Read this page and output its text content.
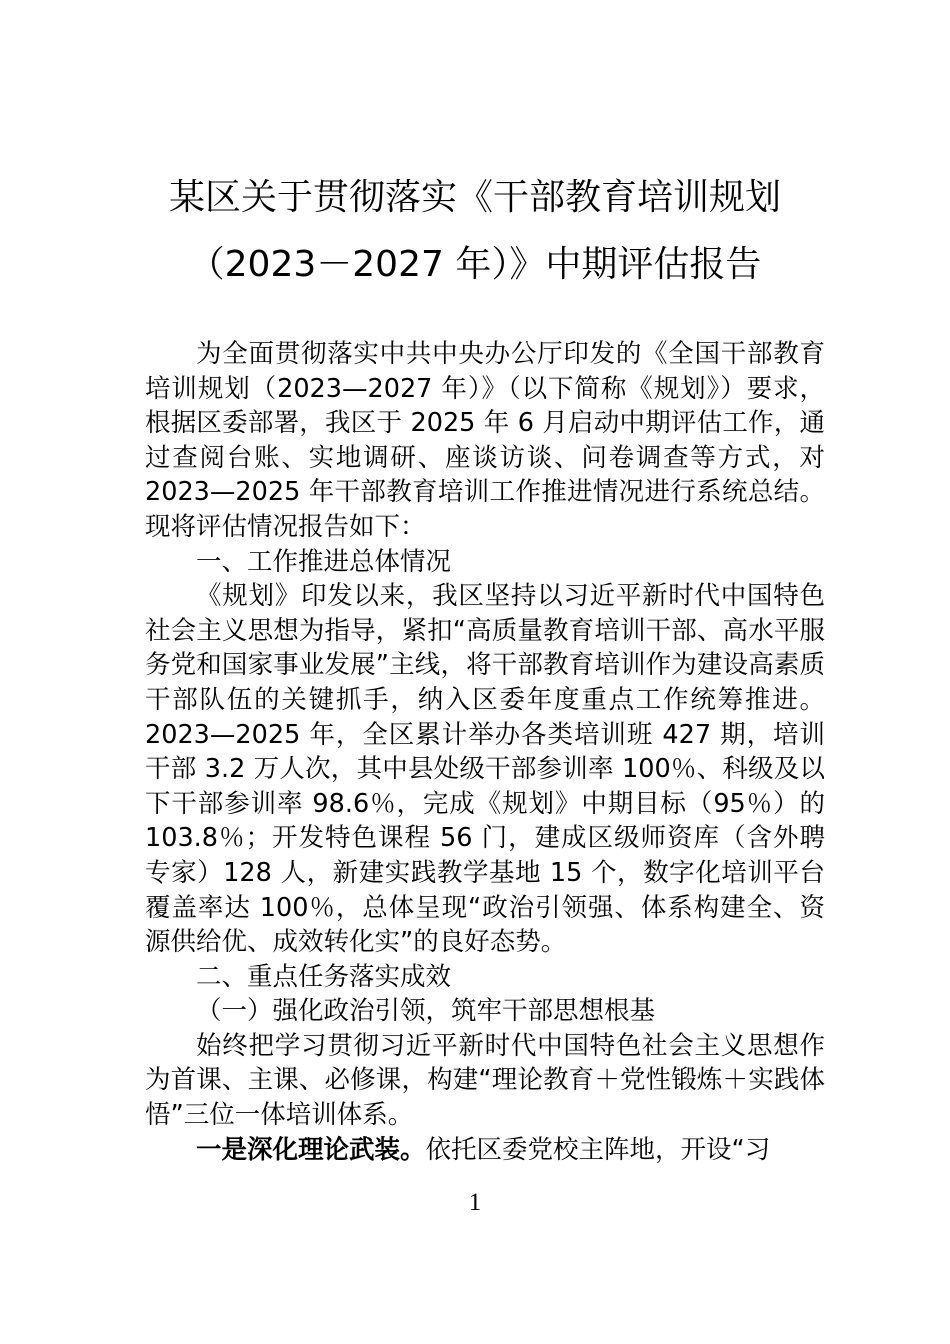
某区关于贯彻落实《干部教育培训规划
（2023－2027 年）》中期评估报告

为全面贯彻落实中共中央办公厅印发的《全国干部教育培训规划（2023—2027 年）》（以下简称《规划》）要求，根据区委部署，我区于 2025 年 6 月启动中期评估工作，通过查阅台账、实地调研、座谈访谈、问卷调查等方式，对 2023—2025 年干部教育培训工作推进情况进行系统总结。现将评估情况报告如下：

一、工作推进总体情况

《规划》印发以来，我区坚持以习近平新时代中国特色社会主义思想为指导，紧扣“高质量教育培训干部、高水平服务党和国家事业发展”主线，将干部教育培训作为建设高素质干部队伍的关键抓手，纳入区委年度重点工作统筹推进。2023—2025 年，全区累计举办各类培训班 427 期，培训干部 3.2 万人次，其中县处级干部参训率 100％、科级及以下干部参训率 98.6％，完成《规划》中期目标（95％）的 103.8％；开发特色课程 56 门，建成区级师资库（含外聘专家）128 人，新建实践教学基地 15 个，数字化培训平台覆盖率达 100％，总体呈现“政治引领强、体系构建全、资源供给优、成效转化实”的良好态势。

二、重点任务落实成效

（一）强化政治引领，筑牢干部思想根基

始终把学习贯彻习近平新时代中国特色社会主义思想作为首课、主课、必修课，构建“理论教育＋党性锻炼＋实践体悟”三位一体培训体系。

一是深化理论武装。依托区委党校主阵地，开设“习

1
